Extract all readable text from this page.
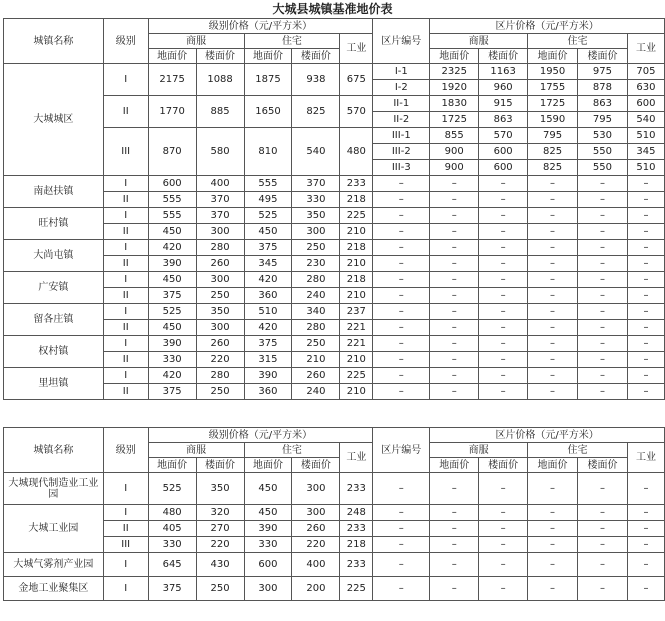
大城县城镇基准地价表
城镇名称	级别	级别价格（元/平方米）					区片编号	区片价格（元/平方米）				
		商服		住宅		工业		商服		住宅		工业
		地面价	楼面价	地面价	楼面价			地面价	楼面价	地面价	楼面价	
大城城区	I	2175	1088	1875	938	675	I-1	2325	1163	1950	975	705
							I-2	1920	960	1755	878	630
	II	1770	885	1650	825	570	II-1	1830	915	1725	863	600
							II-2	1725	863	1590	795	540
	III	870	580	810	540	480	III-1	855	570	795	530	510
							III-2	900	600	825	550	345
							III-3	900	600	825	550	510
南赵扶镇	I	600	400	555	370	233	–	–	–	–	–	–
	II	555	370	495	330	218	–	–	–	–	–	–
旺村镇	I	555	370	525	350	225	–	–	–	–	–	–
	II	450	300	450	300	210	–	–	–	–	–	–
大尚屯镇	I	420	280	375	250	218	–	–	–	–	–	–
	II	390	260	345	230	210	–	–	–	–	–	–
广安镇	I	450	300	420	280	218	–	–	–	–	–	–
	II	375	250	360	240	210	–	–	–	–	–	–
留各庄镇	I	525	350	510	340	237	–	–	–	–	–	–
	II	450	300	420	280	221	–	–	–	–	–	–
权村镇	I	390	260	375	250	221	–	–	–	–	–	–
	II	330	220	315	210	210	–	–	–	–	–	–
里坦镇	I	420	280	390	260	225	–	–	–	–	–	–
	II	375	250	360	240	210	–	–	–	–	–	–
城镇名称	级别	级别价格（元/平方米）					区片编号	区片价格（元/平方米）				
		商服		住宅		工业		商服		住宅		工业
		地面价	楼面价	地面价	楼面价			地面价	楼面价	地面价	楼面价	
大城现代制造业工业园	I	525	350	450	300	233	–	–	–	–	–	–
大城工业园	I	480	320	450	300	248	–	–	–	–	–	–
	II	405	270	390	260	233	–	–	–	–	–	–
	III	330	220	330	220	218	–	–	–	–	–	–
大城气雾剂产业园	I	645	430	600	400	233	–	–	–	–	–	–
金地工业聚集区	I	375	250	300	200	225	–	–	–	–	–	–
